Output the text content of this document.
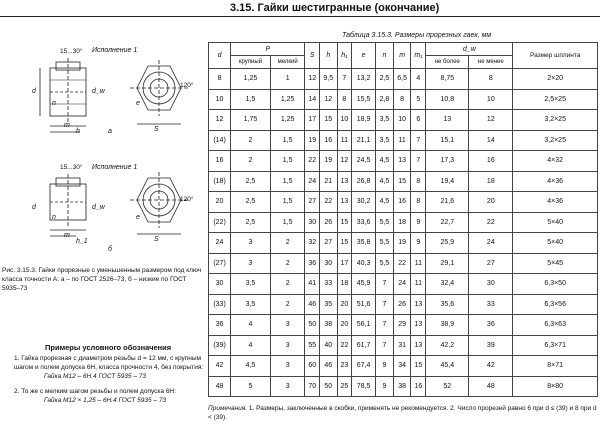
3.15. Гайки шестигранные (окончание)
Исполнение 1
15...30°
120°
а
d	d_w
e
m
h
n
S
Исполнение 1
15...30°
120°
б
d	d_w
e
m
h_1
n
S
Рис. 3.15.3. Гайки прорезные с уменьшенным размером под ключ класса точности А: а – по ГОСТ 2526–73, б – низкие по ГОСТ 5935–73
Примеры условного обозначения
1. Гайка прорезная с диаметром резьбы d = 12 мм, с крупным шагом и полем допуска 6Н, класса прочности 4, без покрытия:
Гайка М12 – 6Н.4 ГОСТ 5935 – 73
2. То же с мелким шагом резьбы и полем допуска 6Н:
Гайка М12 × 1,25 – 6Н.4 ГОСТ 5935 – 73
Таблица 3.15.3. Размеры прорезных гаек, мм
d	P		S	h	h₁	e	n	m	m₁	d_w		Размер шплинта
	крупный	мелкий								не более	не менее	
8	1,25	1	12	9,5	7	13,2	2,5	6,5	4	8,75	8	2×20
10	1,5	1,25	14	12	8	15,5	2,8	8	5	10,8	10	2,5×25
12	1,75	1,25	17	15	10	18,9	3,5	10	6	13	12	3,2×25
(14)	2	1,5	19	16	11	21,1	3,5	11	7	15,1	14	3,2×25
16	2	1,5	22	19	12	24,5	4,5	13	7	17,3	16	4×32
(18)	2,5	1,5	24	21	13	26,8	4,5	15	8	19,4	18	4×36
20	2,5	1,5	27	22	13	30,2	4,5	16	8	21,6	20	4×36
(22)	2,5	1,5	30	26	15	33,6	5,5	18	9	22,7	22	5×40
24	3	2	32	27	15	35,8	5,5	19	9	25,9	24	5×40
(27)	3	2	36	30	17	40,3	5,5	22	11	29,1	27	5×45
30	3,5	2	41	33	18	45,9	7	24	11	32,4	30	6,3×50
(33)	3,5	2	46	35	20	51,6	7	26	13	35,6	33	6,3×56
36	4	3	50	38	20	56,1	7	29	13	38,9	36	6,3×63
(39)	4	3	55	40	22	61,7	7	31	13	42,2	39	6,3×71
42	4,5	3	60	46	23	67,4	9	34	15	45,4	42	8×71
48	5	3	70	50	25	78,5	9	38	16	52	48	8×80
Примечания. 1. Размеры, заключенные в скобки, применять не рекомендуется. 2. Число прорезей равно 6 при d ≤ (39) и 8 при d < (39).
